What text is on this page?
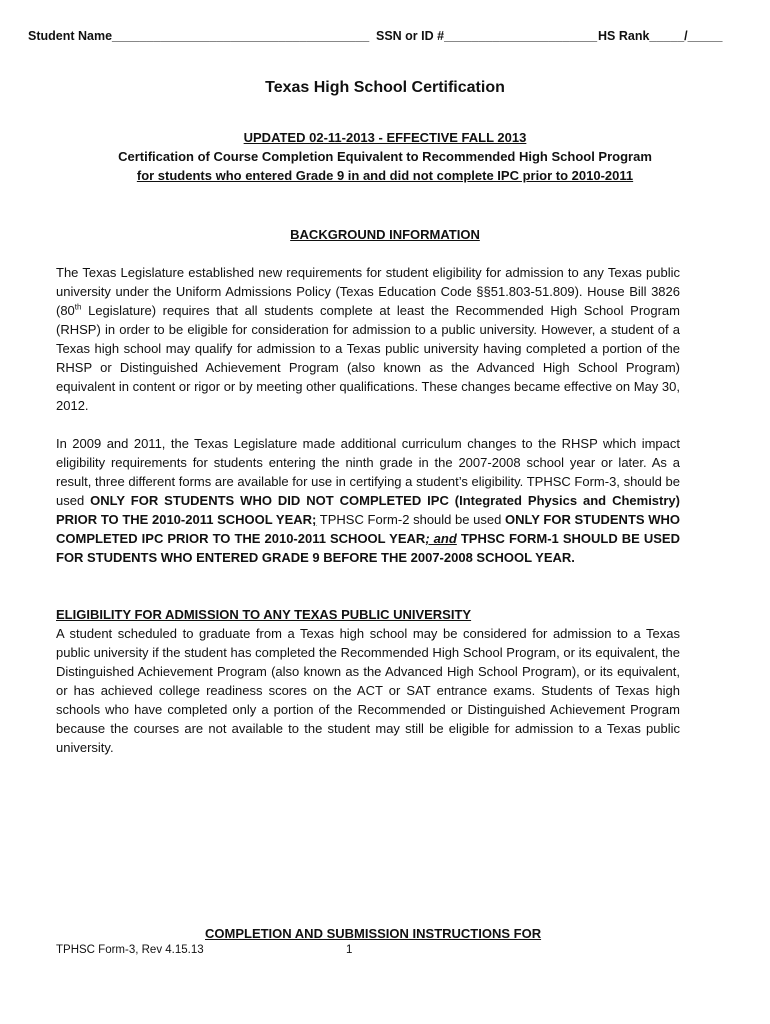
Student Name_____________________________________ SSN or ID #______________________ HS Rank_____/_____
Texas High School Certification
UPDATED 02-11-2013 - EFFECTIVE FALL 2013
Certification of Course Completion Equivalent to Recommended High School Program
for students who entered Grade 9 in and did not complete IPC prior to 2010-2011
BACKGROUND INFORMATION

The Texas Legislature established new requirements for student eligibility for admission to any Texas public university under the Uniform Admissions Policy (Texas Education Code §§51.803-51.809). House Bill 3826 (80th Legislature) requires that all students complete at least the Recommended High School Program (RHSP) in order to be eligible for consideration for admission to a public university. However, a student of a Texas high school may qualify for admission to a Texas public university having completed a portion of the RHSP or Distinguished Achievement Program (also known as the Advanced High School Program) equivalent in content or rigor or by meeting other qualifications. These changes became effective on May 30, 2012.

In 2009 and 2011, the Texas Legislature made additional curriculum changes to the RHSP which impact eligibility requirements for students entering the ninth grade in the 2007-2008 school year or later. As a result, three different forms are available for use in certifying a student’s eligibility. TPHSC Form-3, should be used ONLY FOR STUDENTS WHO DID NOT COMPLETED IPC (Integrated Physics and Chemistry) PRIOR TO THE 2010-2011 SCHOOL YEAR; TPHSC Form-2 should be used ONLY FOR STUDENTS WHO COMPLETED IPC PRIOR TO THE 2010-2011 SCHOOL YEAR; and TPHSC FORM-1 SHOULD BE USED FOR STUDENTS WHO ENTERED GRADE 9 BEFORE THE 2007-2008 SCHOOL YEAR.

ELIGIBILITY FOR ADMISSION TO ANY TEXAS PUBLIC UNIVERSITY

A student scheduled to graduate from a Texas high school may be considered for admission to a Texas public university if the student has completed the Recommended High School Program, or its equivalent, the Distinguished Achievement Program (also known as the Advanced High School Program), or its equivalent, or has achieved college readiness scores on the ACT or SAT entrance exams. Students of Texas high schools who have completed only a portion of the Recommended or Distinguished Achievement Program because the courses are not available to the student may still be eligible for admission to a Texas public university.

COMPLETION AND SUBMISSION INSTRUCTIONS FOR
TPHSC Form-3, Rev 4.15.13	1
